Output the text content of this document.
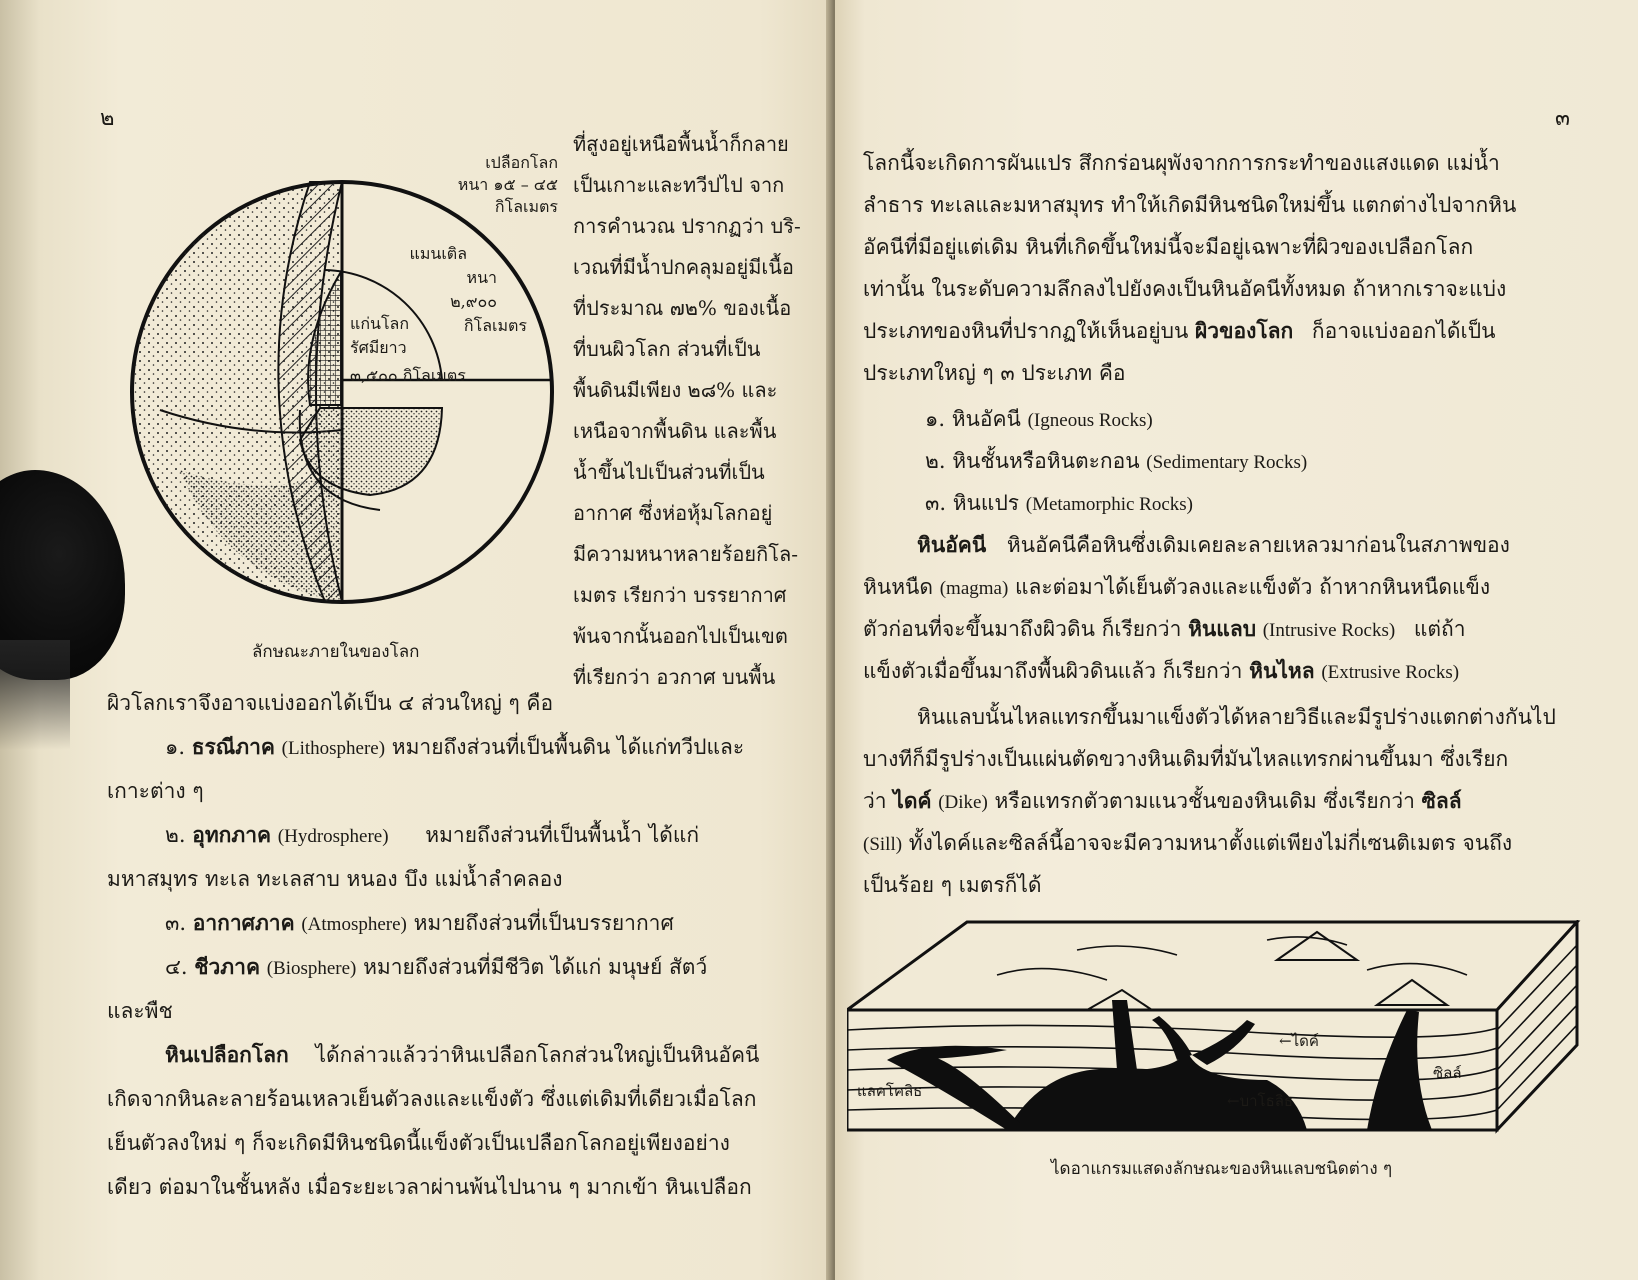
๒
เปลือกโลก
หนา ๑๕ – ๔๕
กิโลเมตร
แมนเติล
หนา
๒,๙๐๐
กิโลเมตร
แก่นโลก
รัศมียาว
๓,๕๐๐ กิโลเมตร
ลักษณะภายในของโลก
ที่สูงอยู่เหนือพื้นน้ำก็กลาย
เป็นเกาะและทวีปไป จาก
การคำนวณ ปรากฏว่า บริ-
เวณที่มีน้ำปกคลุมอยู่มีเนื้อ
ที่ประมาณ ๗๒% ของเนื้อ
ที่บนผิวโลก ส่วนที่เป็น
พื้นดินมีเพียง ๒๘% และ
เหนือจากพื้นดิน และพื้น
น้ำขึ้นไปเป็นส่วนที่เป็น
อากาศ ซึ่งห่อหุ้มโลกอยู่
มีความหนาหลายร้อยกิโล-
เมตร เรียกว่า บรรยากาศ
พ้นจากนั้นออกไปเป็นเขต
ที่เรียกว่า อวกาศ บนพื้น
ผิวโลกเราจึงอาจแบ่งออกได้เป็น ๔ ส่วนใหญ่ ๆ คือ
๑. ธรณีภาค (Lithosphere) หมายถึงส่วนที่เป็นพื้นดิน ได้แก่ทวีปและ
เกาะต่าง ๆ
๒. อุทกภาค (Hydrosphere) หมายถึงส่วนที่เป็นพื้นน้ำ ได้แก่
มหาสมุทร ทะเล ทะเลสาบ หนอง บึง แม่น้ำลำคลอง
๓. อากาศภาค (Atmosphere) หมายถึงส่วนที่เป็นบรรยากาศ
๔. ชีวภาค (Biosphere) หมายถึงส่วนที่มีชีวิต ได้แก่ มนุษย์ สัตว์
และพืช
หินเปลือกโลก ได้กล่าวแล้วว่าหินเปลือกโลกส่วนใหญ่เป็นหินอัคนี
เกิดจากหินละลายร้อนเหลวเย็นตัวลงและแข็งตัว ซึ่งแต่เดิมที่เดียวเมื่อโลก
เย็นตัวลงใหม่ ๆ ก็จะเกิดมีหินชนิดนี้แข็งตัวเป็นเปลือกโลกอยู่เพียงอย่าง
เดียว ต่อมาในชั้นหลัง เมื่อระยะเวลาผ่านพ้นไปนาน ๆ มากเข้า หินเปลือก
๓
โลกนี้จะเกิดการผันแปร สึกกร่อนผุพังจากการกระทำของแสงแดด แม่น้ำ
ลำธาร ทะเลและมหาสมุทร ทำให้เกิดมีหินชนิดใหม่ขึ้น แตกต่างไปจากหิน
อัคนีที่มีอยู่แต่เดิม หินที่เกิดขึ้นใหม่นี้จะมีอยู่เฉพาะที่ผิวของเปลือกโลก
เท่านั้น ในระดับความลึกลงไปยังคงเป็นหินอัคนีทั้งหมด ถ้าหากเราจะแบ่ง
ประเภทของหินที่ปรากฏให้เห็นอยู่บน ผิวของโลก ก็อาจแบ่งออกได้เป็น
ประเภทใหญ่ ๆ ๓ ประเภท คือ
๑. หินอัคนี (Igneous Rocks)
๒. หินชั้นหรือหินตะกอน (Sedimentary Rocks)
๓. หินแปร (Metamorphic Rocks)
หินอัคนี หินอัคนีคือหินซึ่งเดิมเคยละลายเหลวมาก่อนในสภาพของ
หินหนืด (magma) และต่อมาได้เย็นตัวลงและแข็งตัว ถ้าหากหินหนืดแข็ง
ตัวก่อนที่จะขึ้นมาถึงผิวดิน ก็เรียกว่า หินแลบ (Intrusive Rocks) แต่ถ้า
แข็งตัวเมื่อขึ้นมาถึงพื้นผิวดินแล้ว ก็เรียกว่า หินไหล (Extrusive Rocks)
หินแลบนั้นไหลแทรกขึ้นมาแข็งตัวได้หลายวิธีและมีรูปร่างแตกต่างกันไป
บางทีก็มีรูปร่างเป็นแผ่นตัดขวางหินเดิมที่มันไหลแทรกผ่านขึ้นมา ซึ่งเรียก
ว่า ไดค์ (Dike) หรือแทรกตัวตามแนวชั้นของหินเดิม ซึ่งเรียกว่า ซิลล์
(Sill) ทั้งไดค์และซิลล์นี้อาจจะมีความหนาตั้งแต่เพียงไม่กี่เซนติเมตร จนถึง
เป็นร้อย ๆ เมตรก็ได้
←ไดค์
ซิลล์
แลคโคลิธ
←บาโธลิธ
ไดอาแกรมแสดงลักษณะของหินแลบชนิดต่าง ๆ
